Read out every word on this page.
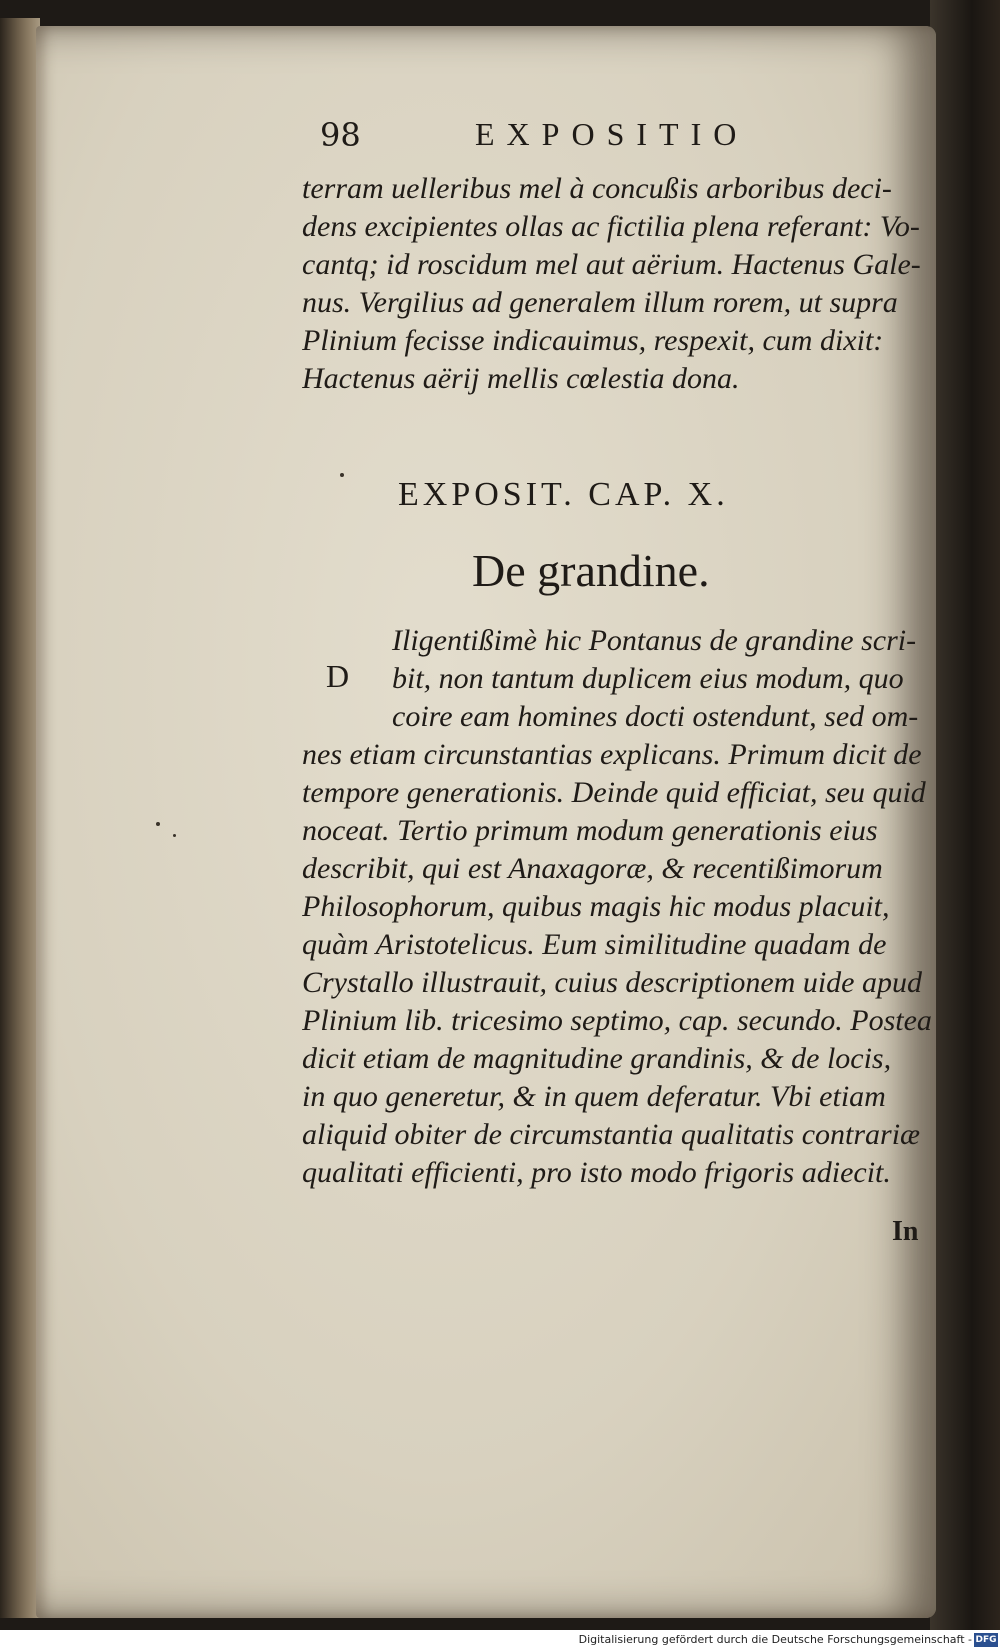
98	EXPOSITIO
terram uelleribus mel à concußis arboribus deci-
dens excipientes ollas ac fictilia plena referant: Vo-
cantq; id roscidum mel aut aërium. Hactenus Gale-
nus. Vergilius ad generalem illum rorem, ut supra
Plinium fecisse indicauimus, respexit, cum dixit:
Hactenus aërij mellis cœlestia dona.
EXPOSIT. CAP. X.
De grandine.
D
Iligentißimè hic Pontanus de grandine scri-
bit, non tantum duplicem eius modum, quo
coire eam homines docti ostendunt, sed om-
nes etiam circunstantias explicans. Primum dicit de
tempore generationis. Deinde quid efficiat, seu quid
noceat. Tertio primum modum generationis eius
describit, qui est Anaxagoræ, & recentißimorum
Philosophorum, quibus magis hic modus placuit,
quàm Aristotelicus. Eum similitudine quadam de
Crystallo illustrauit, cuius descriptionem uide apud
Plinium lib. tricesimo septimo, cap. secundo. Postea
dicit etiam de magnitudine grandinis, & de locis,
in quo generetur, & in quem deferatur. Vbi etiam
aliquid obiter de circumstantia qualitatis contrariæ
qualitati efficienti, pro isto modo frigoris adiecit.
In
Digitalisierung gefördert durch die Deutsche Forschungsgemeinschaft - DFG
